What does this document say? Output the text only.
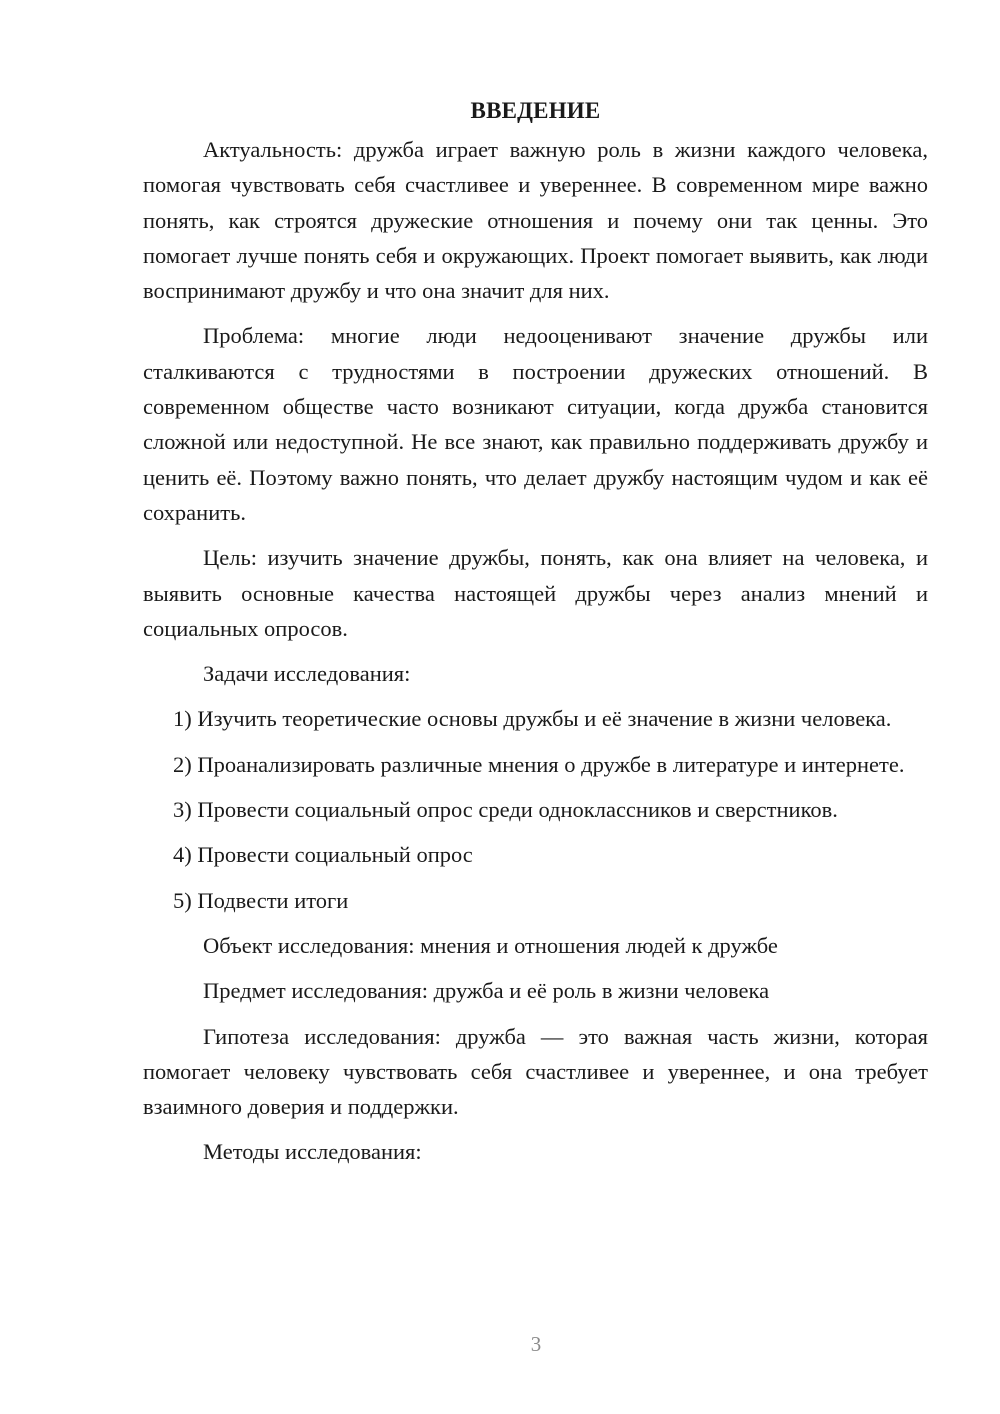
ВВЕДЕНИЕ

Актуальность: дружба играет важную роль в жизни каждого человека, помогая чувствовать себя счастливее и увереннее. В современном мире важно понять, как строятся дружеские отношения и почему они так ценны. Это помогает лучше понять себя и окружающих. Проект помогает выявить, как люди воспринимают дружбу и что она значит для них.

Проблема: многие люди недооценивают значение дружбы или сталкиваются с трудностями в построении дружеских отношений. В современном обществе часто возникают ситуации, когда дружба становится сложной или недоступной. Не все знают, как правильно поддерживать дружбу и ценить её. Поэтому важно понять, что делает дружбу настоящим чудом и как её сохранить.

Цель: изучить значение дружбы, понять, как она влияет на человека, и выявить основные качества настоящей дружбы через анализ мнений и социальных опросов.

Задачи исследования:

1) Изучить теоретические основы дружбы и её значение в жизни человека.

2) Проанализировать различные мнения о дружбе в литературе и интернете.

3) Провести социальный опрос среди одноклассников и сверстников.

4) Провести социальный опрос

5) Подвести итоги

Объект исследования: мнения и отношения людей к дружбе

Предмет исследования: дружба и её роль в жизни человека

Гипотеза исследования: дружба — это важная часть жизни, которая помогает человеку чувствовать себя счастливее и увереннее, и она требует взаимного доверия и поддержки.

Методы исследования:

3
